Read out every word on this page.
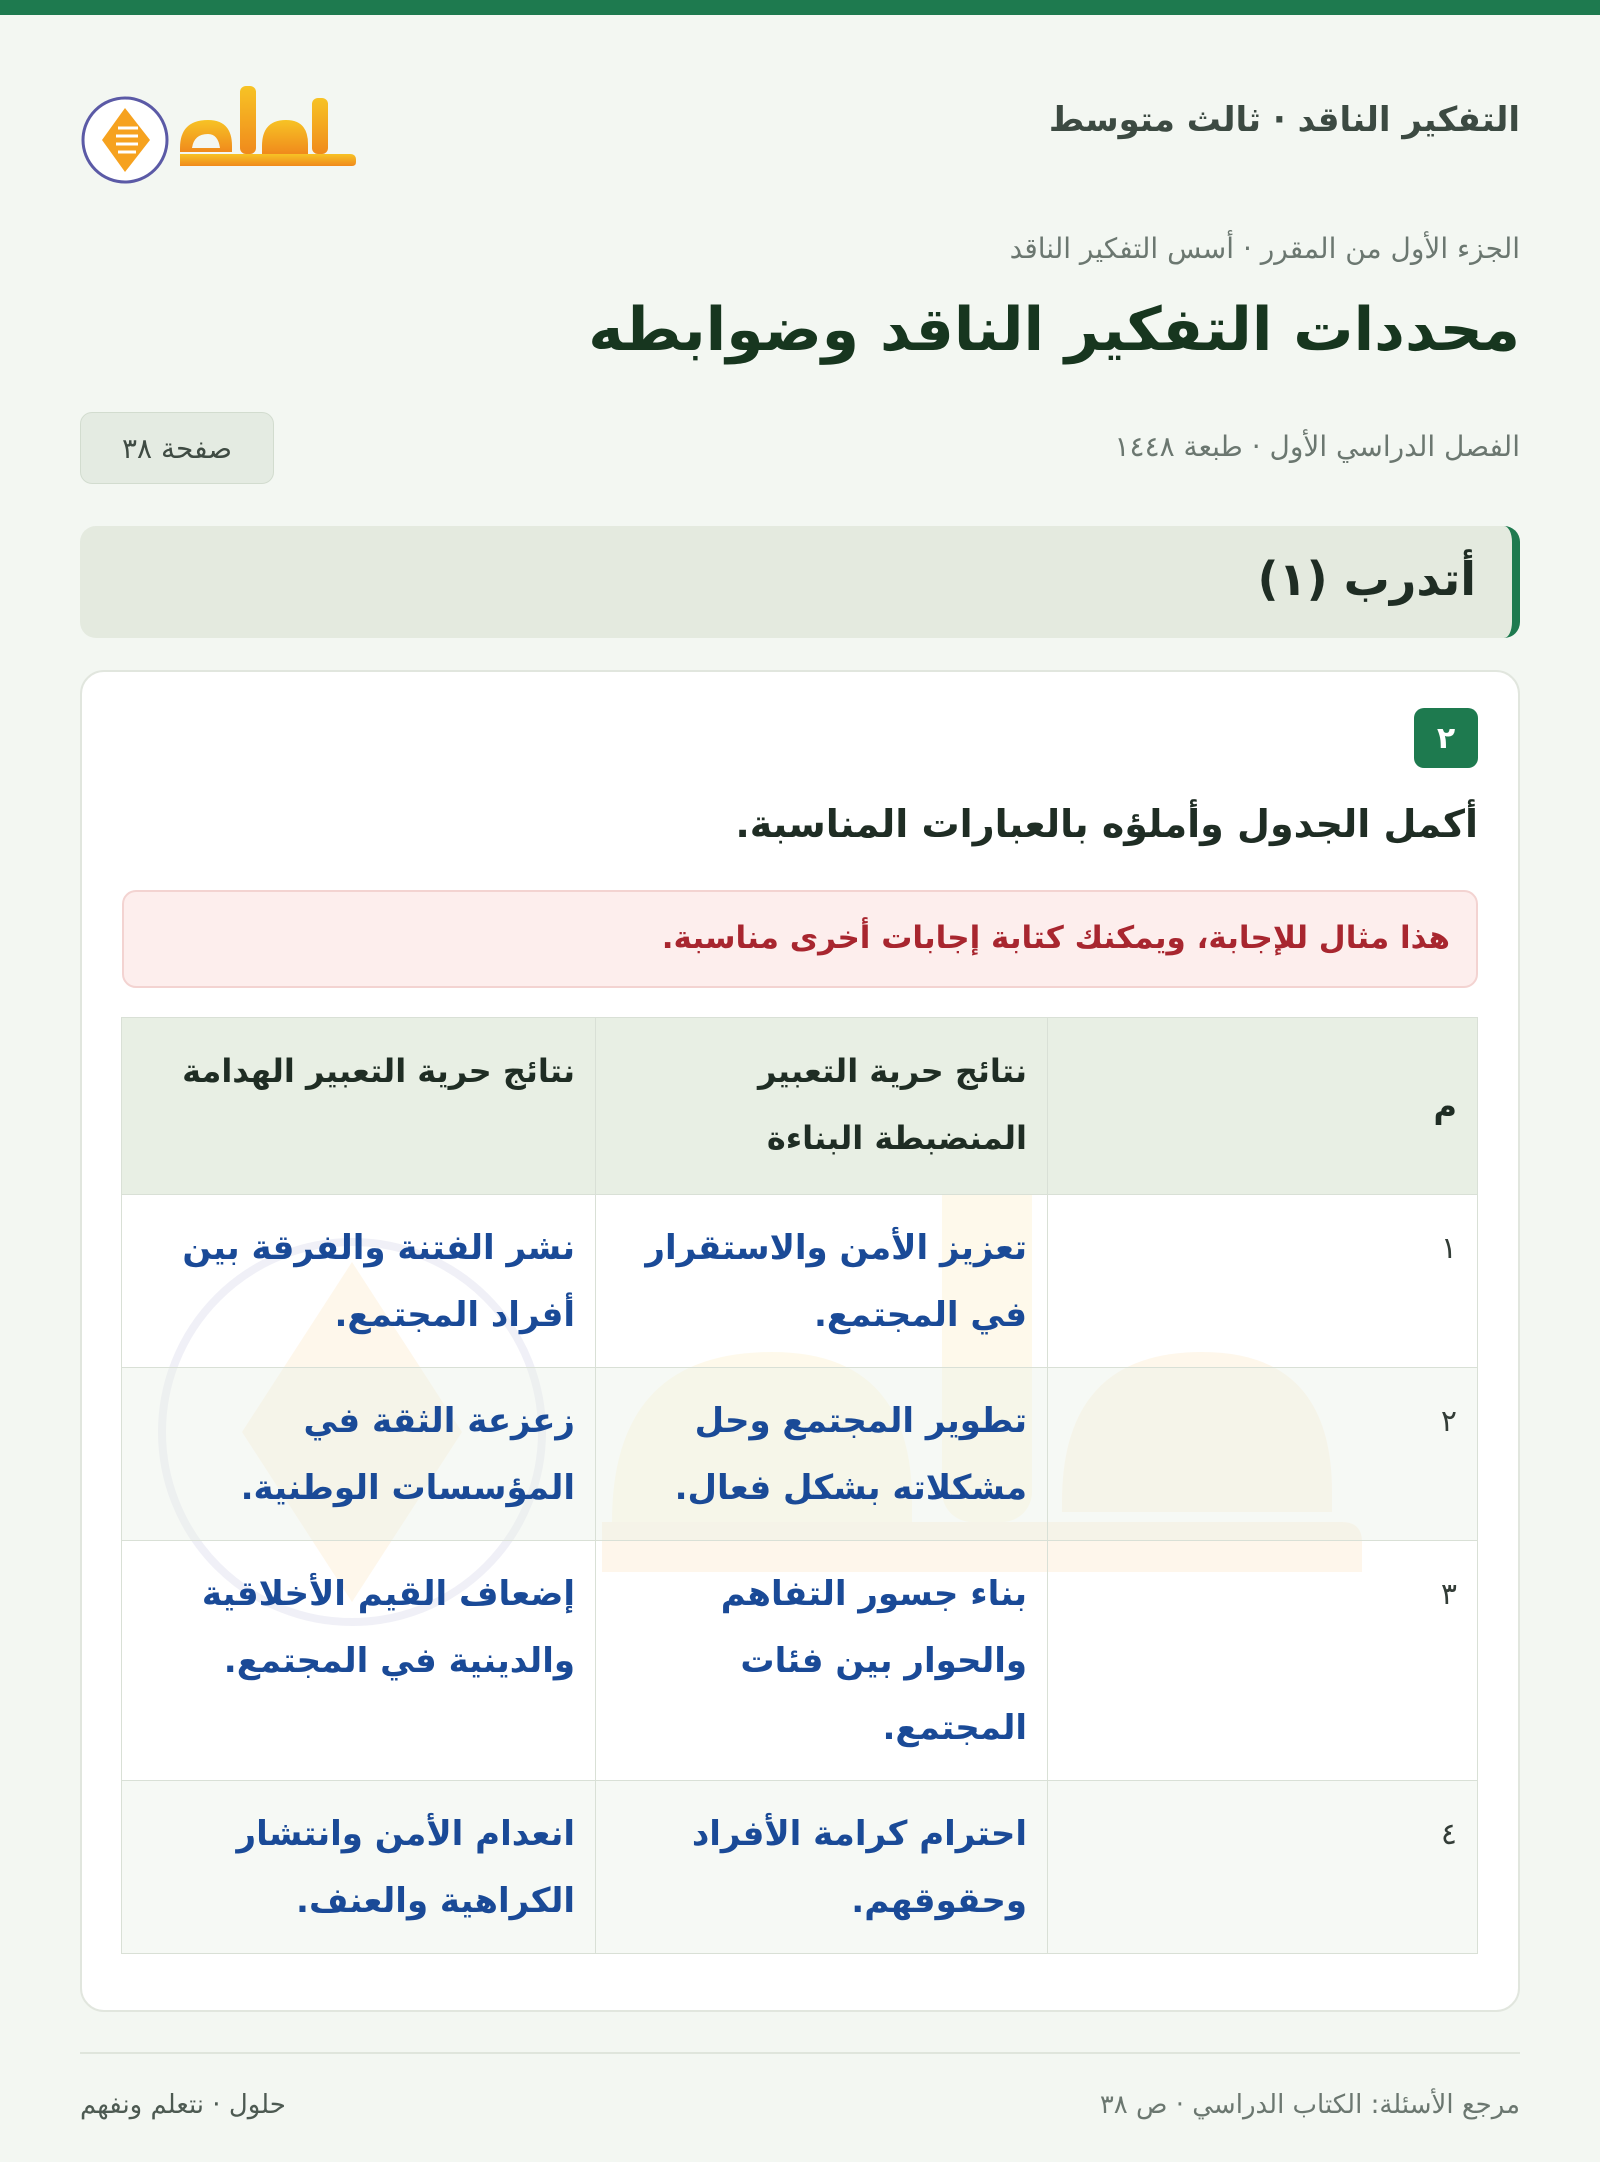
التفكير الناقد · ثالث متوسط
الجزء الأول من المقرر · أسس التفكير الناقد
محددات التفكير الناقد وضوابطه
الفصل الدراسي الأول · طبعة ١٤٤٨
صفحة ٣٨
أتدرب (١)
٢
أكمل الجدول وأملؤه بالعبارات المناسبة.
هذا مثال للإجابة، ويمكنك كتابة إجابات أخرى مناسبة.
م	نتائج حرية التعبير المنضبطة البناءة	نتائج حرية التعبير الهدامة
١	تعزيز الأمن والاستقرار في المجتمع.	نشر الفتنة والفرقة بين أفراد المجتمع.
٢	تطوير المجتمع وحل مشكلاته بشكل فعال.	زعزعة الثقة في المؤسسات الوطنية.
٣	بناء جسور التفاهم والحوار بين فئات المجتمع.	إضعاف القيم الأخلاقية والدينية في المجتمع.
٤	احترام كرامة الأفراد وحقوقهم.	انعدام الأمن وانتشار الكراهية والعنف.
مرجع الأسئلة: الكتاب الدراسي · ص ٣٨
حلول · نتعلم ونفهم
